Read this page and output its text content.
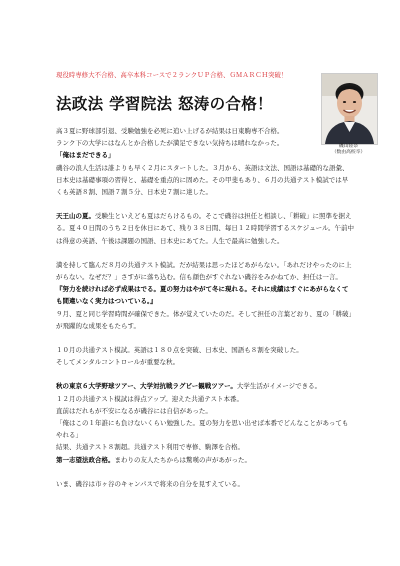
現役時専修大不合格、高卒本科コースで２ランクＵＰ合格、ＧＭＡＲＣＨ突破！
法政法 学習院法 怒涛の合格！
磯山陸奈
（数由高校卒）

高３夏に野球部引退、受験勉強を必死に追い上げるが結果は日東駒専不合格。

ランク下の大学にはなんとか合格したが満足できない気持ちは晴れなかった。

「俺はまだできる」

磯谷の浪人生活は誰よりも早く２月にスタートした。３月から、英語は文法、国語は基礎的な語彙、日本史は基礎事項の習得と、基礎を重点的に固めた。その甲斐もあり、６月の共通テスト模試では早くも英語８割、国語７割５分、日本史７割に達した。

天王山の夏。受験生といえども夏はだらけるもの。そこで磯谷は担任と相談し、「耕破」に照準を据える。夏４０日間のうち２日を休日にあて、残り３８日間、毎日１２時間学習するスケジュール。午前中は得意の英語、午後は課題の国語、日本史にあてた。人生で最高に勉強した。

満を持して臨んだ８月の共通テスト模試。だが結果は思ったほどあがらない。「あれだけやったのに上がらない。なぜだ？」さすがに落ち込む。信も顔色がすぐれない磯谷をみかねてか、担任は一言。
『努力を続ければ必ず成果はでる。夏の努力はやがて冬に現れる。それに成績はすぐにあがらなくても間違いなく実力はついている。』

９月、夏と同じ学習時間が確保できた。体が覚えていたのだ。そして担任の言葉どおり、夏の「耕破」が飛躍的な成果をもたらす。

１０月の共通テスト模試。英語は１８０点を突破、日本史、国語も８割を突破した。

そしてメンタルコントロールが重要な秋。

秋の東京６大学野球ツアー、大学対抗戦ラグビー観戦ツアー。大学生活がイメージできる。

１２月の共通テスト模試は得点アップ。迎えた共通テスト本番。

直前はだれもが不安になるが磯谷には自信があった。

「俺はこの１年誰にも負けないくらい勉強した。夏の努力を思い出せば本番でどんなことがあってもやれる」

結果、共通テスト８割超。共通テスト利用で専修、駒澤を合格。

第一志望法政合格。まわりの友人たちからは驚嘆の声があがった。

いま、磯谷は市ヶ谷のキャンパスで将来の自分を見すえている。
